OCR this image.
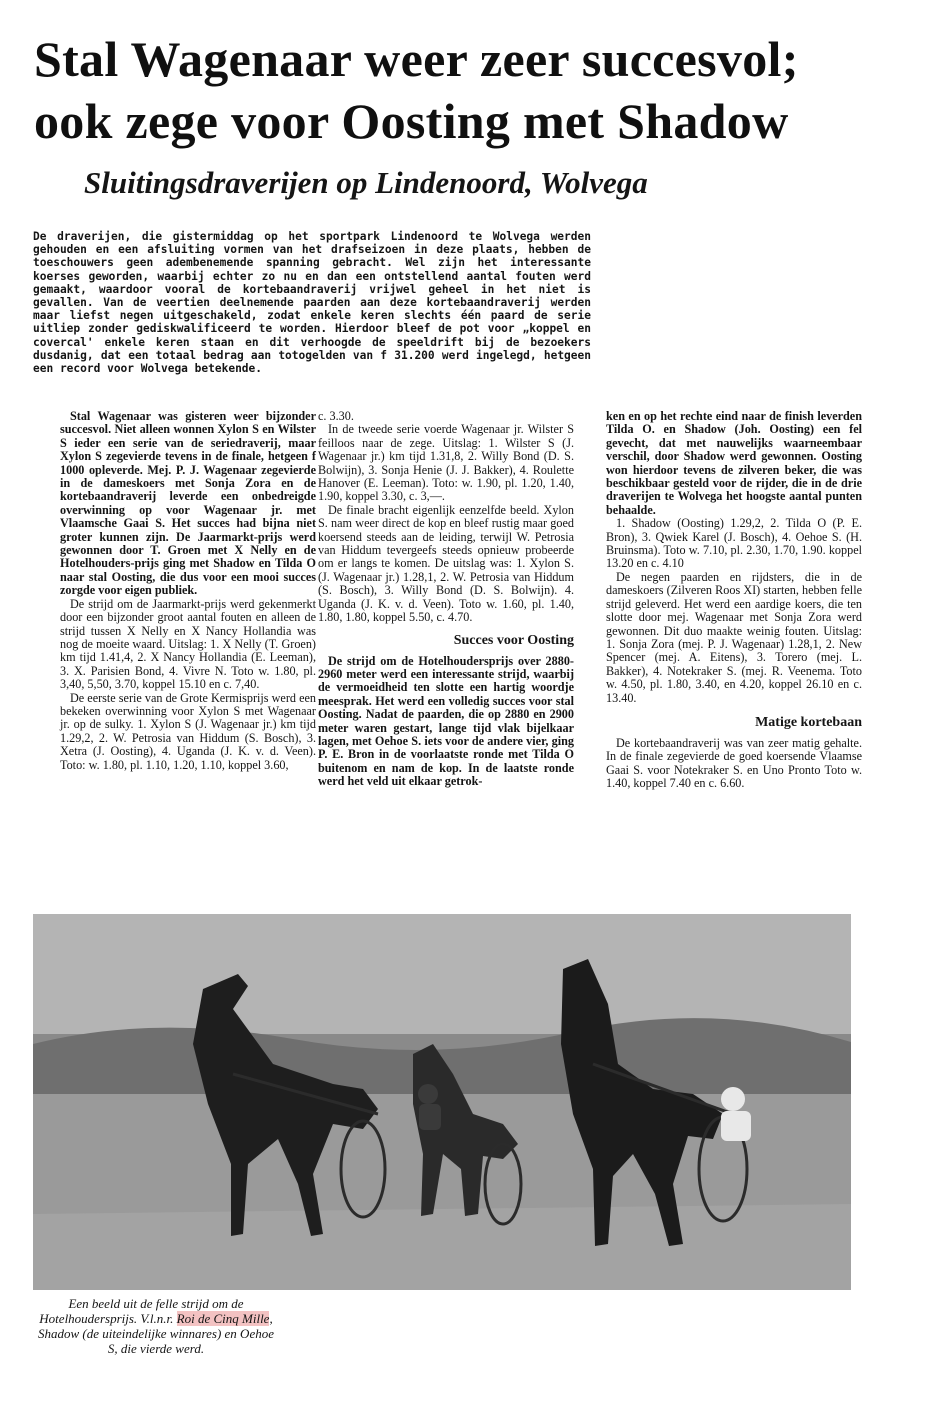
Stal Wagenaar weer zeer succesvol;
ook zege voor Oosting met Shadow
Sluitingsdraverijen op Lindenoord, Wolvega

De draverijen, die gistermiddag op het sportpark Lindenoord te Wolvega werden gehouden en een afsluiting vormen van het drafseizoen in deze plaats, hebben de toeschouwers geen adembenemende spanning gebracht. Wel zijn het interessante koerses geworden, waarbij echter zo nu en dan een ontstellend aantal fouten werd gemaakt, waardoor vooral de kortebaandraverij vrijwel geheel in het niet is gevallen. Van de veertien deelnemende paarden aan deze kortebaandraverij werden maar liefst negen uitgeschakeld, zodat enkele keren slechts één paard de serie uitliep zonder gediskwalificeerd te worden. Hierdoor bleef de pot voor „koppel en covercal' enkele keren staan en dit verhoogde de speeldrift bij de bezoekers dusdanig, dat een totaal bedrag aan totogelden van f 31.200 werd ingelegd, hetgeen een record voor Wolvega betekende.

Stal Wagenaar was gisteren weer bijzonder succesvol. Niet alleen wonnen Xylon S en Wilster S ieder een serie van de seriedraverij, maar Xylon S zegevierde tevens in de finale, hetgeen f 1000 opleverde. Mej. P. J. Wagenaar zegevierde in de dameskoers met Sonja Zora en de kortebaandraverij leverde een onbedreigde overwinning op voor Wagenaar jr. met Vlaamsche Gaai S. Het succes had bijna niet groter kunnen zijn. De Jaarmarkt-prijs werd gewonnen door T. Groen met X Nelly en de Hotelhouders-prijs ging met Shadow en Tilda O naar stal Oosting, die dus voor een mooi succes zorgde voor eigen publiek.

De strijd om de Jaarmarkt-prijs werd gekenmerkt door een bijzonder groot aantal fouten en alleen de strijd tussen X Nelly en X Nancy Hollandia was nog de moeite waard. Uitslag: 1. X Nelly (T. Groen) km tijd 1.41,4, 2. X Nancy Hollandia (E. Leeman), 3. X. Parisien Bond, 4. Vivre N. Toto w. 1.80, pl. 3,40, 5,50, 3.70, koppel 15.10 en c. 7,40.

De eerste serie van de Grote Kermisprijs werd een bekeken overwinning voor Xylon S met Wagenaar jr. op de sulky. 1. Xylon S (J. Wagenaar jr.) km tijd 1.29,2, 2. W. Petrosia van Hiddum (S. Bosch), 3. Xetra (J. Oosting), 4. Uganda (J. K. v. d. Veen). Toto: w. 1.80, pl. 1.10, 1.20, 1.10, koppel 3.60,

c. 3.30.

In de tweede serie voerde Wagenaar jr. Wilster S feilloos naar de zege. Uitslag: 1. Wilster S (J. Wagenaar jr.) km tijd 1.31,8, 2. Willy Bond (D. S. Bolwijn), 3. Sonja Henie (J. J. Bakker), 4. Roulette Hanover (E. Leeman). Toto: w. 1.90, pl. 1.20, 1.40, 1.90, koppel 3.30, c. 3,—.

De finale bracht eigenlijk eenzelfde beeld. Xylon S. nam weer direct de kop en bleef rustig maar goed koersend steeds aan de leiding, terwijl W. Petrosia van Hiddum tevergeefs steeds opnieuw probeerde om er langs te komen. De uitslag was: 1. Xylon S. (J. Wagenaar jr.) 1.28,1, 2. W. Petrosia van Hiddum (S. Bosch), 3. Willy Bond (D. S. Bolwijn). 4. Uganda (J. K. v. d. Veen). Toto w. 1.60, pl. 1.40, 1.80, 1.80, koppel 5.50, c. 4.70.

Succes voor Oosting

De strijd om de Hotelhoudersprijs over 2880-2960 meter werd een interessante strijd, waarbij de vermoeidheid ten slotte een hartig woordje meesprak. Het werd een volledig succes voor stal Oosting. Nadat de paarden, die op 2880 en 2900 meter waren gestart, lange tijd vlak bijelkaar lagen, met Oehoe S. iets voor de andere vier, ging P. E. Bron in de voorlaatste ronde met Tilda O buitenom en nam de kop. In de laatste ronde werd het veld uit elkaar getrok-

ken en op het rechte eind naar de finish leverden Tilda O. en Shadow (Joh. Oosting) een fel gevecht, dat met nauwelijks waarneembaar verschil, door Shadow werd gewonnen. Oosting won hierdoor tevens de zilveren beker, die was beschikbaar gesteld voor de rijder, die in de drie draverijen te Wolvega het hoogste aantal punten behaalde.

1. Shadow (Oosting) 1.29,2, 2. Tilda O (P. E. Bron), 3. Qwiek Karel (J. Bosch), 4. Oehoe S. (H. Bruinsma). Toto w. 7.10, pl. 2.30, 1.70, 1.90. koppel 13.20 en c. 4.10

De negen paarden en rijdsters, die in de dameskoers (Zilveren Roos XI) starten, hebben felle strijd geleverd. Het werd een aardige koers, die ten slotte door mej. Wagenaar met Sonja Zora werd gewonnen. Dit duo maakte weinig fouten. Uitslag: 1. Sonja Zora (mej. P. J. Wagenaar) 1.28,1, 2. New Spencer (mej. A. Eitens), 3. Torero (mej. L. Bakker), 4. Notekraker S. (mej. R. Veenema. Toto w. 4.50, pl. 1.80, 3.40, en 4.20, koppel 26.10 en c. 13.40.

Matige kortebaan

De kortebaandraverij was van zeer matig gehalte. In de finale zegevierde de goed koersende Vlaamse Gaai S. voor Notekraker S. en Uno Pronto Toto w. 1.40, koppel 7.40 en c. 6.60.

Een beeld uit de felle strijd om de Hotelhoudersprijs. V.l.n.r. Roi de Cinq Mille, Shadow (de uiteindelijke winnares) en Oehoe S, die vierde werd.
